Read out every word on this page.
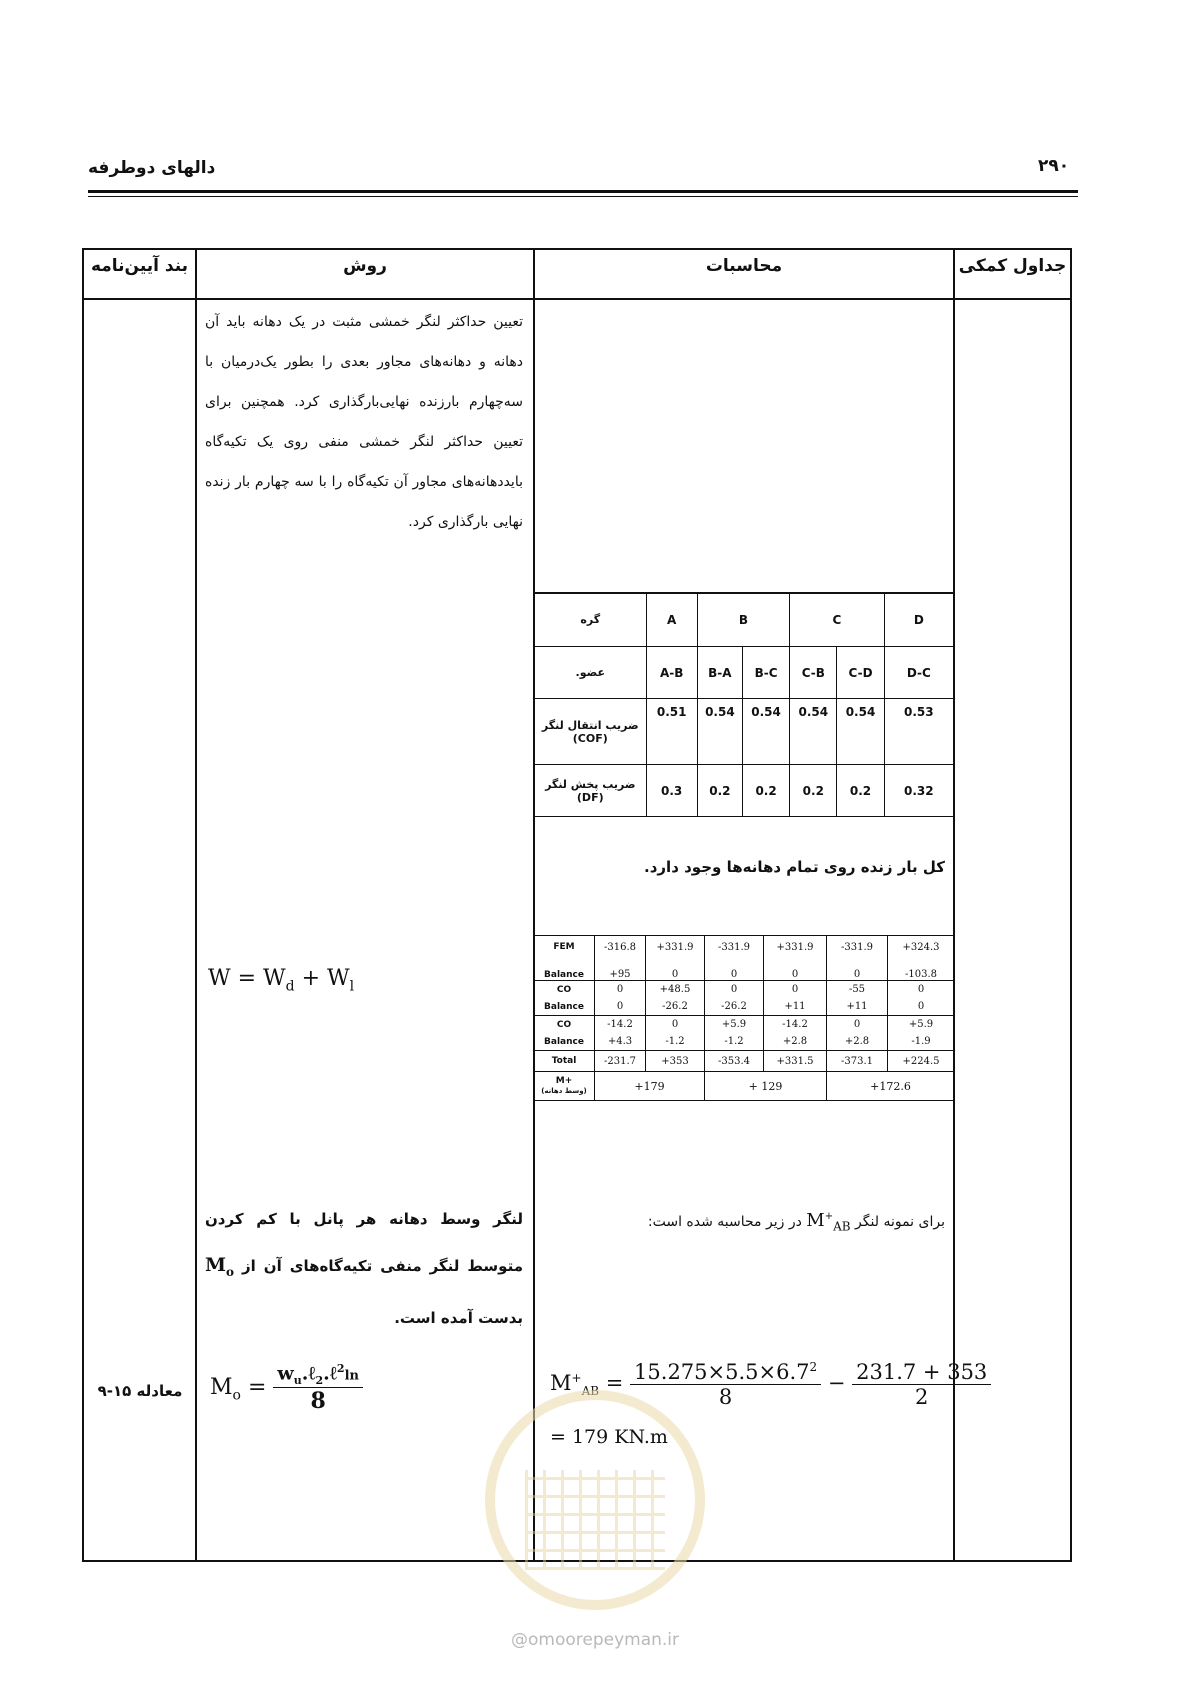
دالهای دوطرفه	۲۹۰
بند آیین‌نامه	روش	محاسبات	جداول کمکی
تعیین حداکثر لنگر خمشی مثبت در یک دهانه باید آن دهانه و دهانه‌های مجاور بعدی را بطور یک‌درمیان با سه‌چهارم بارزنده نهایی‌بارگذاری کرد. همچنین برای تعیین حداکثر لنگر خمشی منفی روی یک تکیه‌گاه بایددهانه‌های مجاور آن تکیه‌گاه را با سه چهارم بار زنده نهایی بارگذاری کرد.
گره	A	B		C		D
عضو.	A-B	B-A	B-C	C-B	C-D	D-C

ضریب انتقال لنگر
(COF)	0.51	0.54	0.54	0.54	0.54	0.53

ضریب پخش لنگر
(DF)	0.3	0.2	0.2	0.2	0.2	0.32
کل بار زنده روی تمام دهانه‌ها وجود دارد.
FEM	-316.8	+331.9	-331.9	+331.9	-331.9	+324.3
Balance	+95	0	0	0	0	-103.8
CO	0	+48.5	0	0	-55	0
Balance	0	-26.2	-26.2	+11	+11	0
CO	-14.2	0	+5.9	-14.2	0	+5.9
Balance	+4.3	-1.2	-1.2	+2.8	+2.8	-1.9
Total	-231.7	+353	-353.4	+331.5	-373.1	+224.5

M+
(وسط دهانه)	+179		+ 129		+172.6	
$W = W_d + W_l$
لنگر وسط دهانه هر پانل با کم کردن متوسط لنگر منفی تکیه‌گاه‌های آن از $M_o$ بدست آمده است.
$M_o = \frac{w_u.\ell_2.\ell^2\ln}{8}$
معادله ۱۵-۹
برای نمونه لنگر $M^+_{AB}$ در زیر محاسبه شده است:
$M^+_{AB} = \frac{15.275\times 5.5\times 6.7^2}{8} - \frac{231.7 + 353}{2}$
= 179 KN.m
@omoorepeyman.ir
